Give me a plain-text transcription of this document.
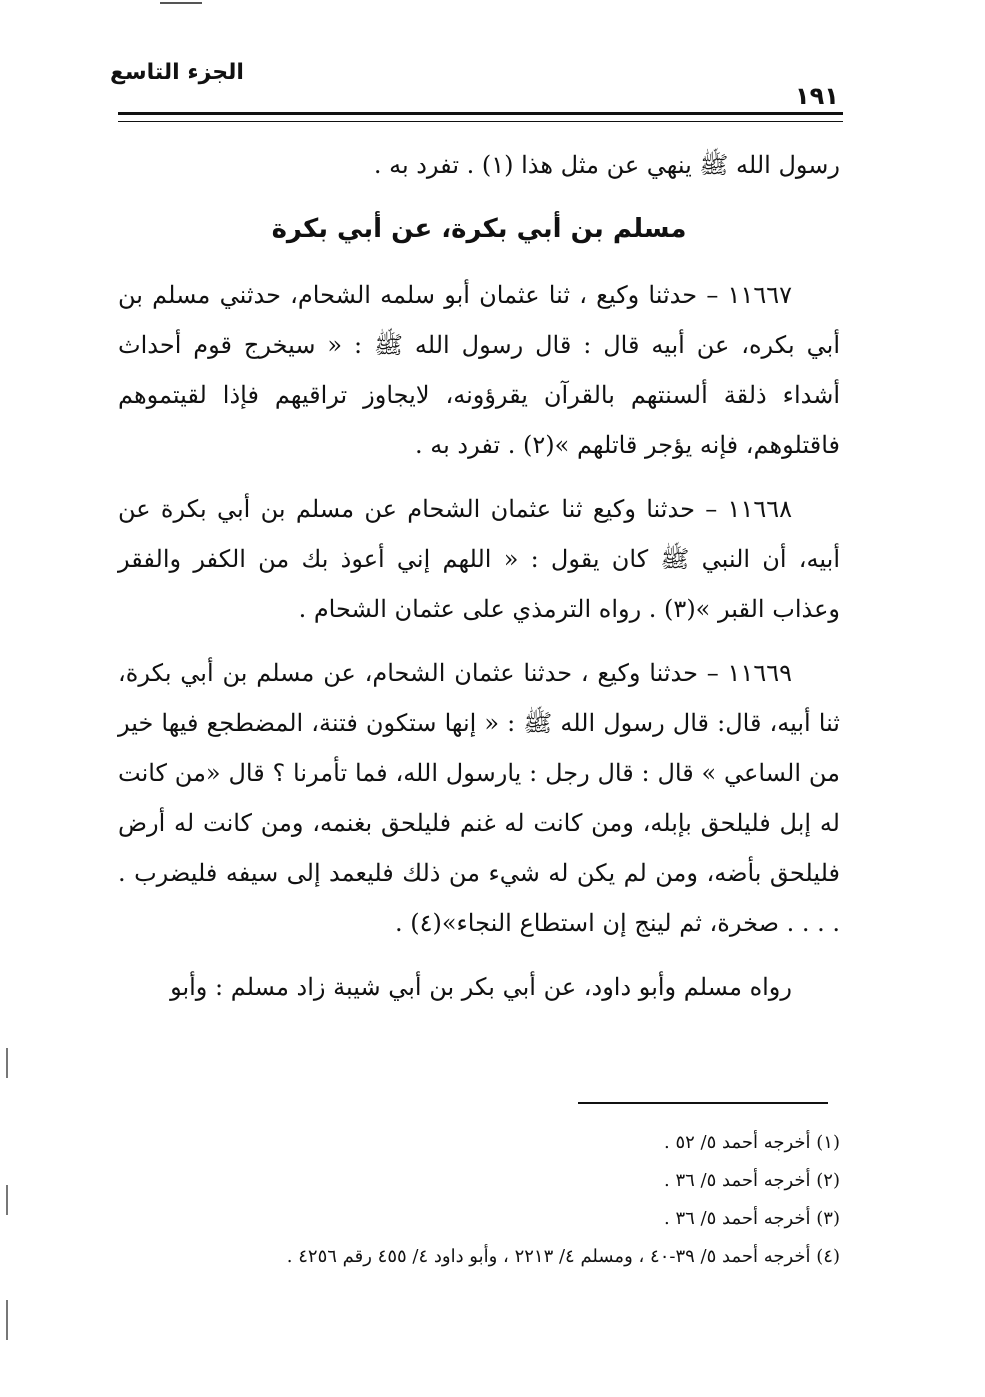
الجزء التاسع
١٩١

رسول الله ﷺ ينهي عن مثل هذا (١) . تفرد به .

مسلم بن أبي بكرة، عن أبي بكرة

١١٦٦٧ – حدثنا وكيع ، ثنا عثمان أبو سلمه الشحام، حدثني مسلم بن أبي بكره، عن أبيه قال : قال رسول الله ﷺ : « سيخرج قوم أحداث أشداء ذلقة ألسنتهم بالقرآن يقرؤونه، لايجاوز تراقيهم فإذا لقيتموهم فاقتلوهم، فإنه يؤجر قاتلهم »(٢) . تفرد به .

١١٦٦٨ – حدثنا وكيع ثنا عثمان الشحام عن مسلم بن أبي بكرة عن أبيه، أن النبي ﷺ كان يقول : « اللهم إني أعوذ بك من الكفر والفقر وعذاب القبر »(٣) . رواه الترمذي على عثمان الشحام .

١١٦٦٩ – حدثنا وكيع ، حدثنا عثمان الشحام، عن مسلم بن أبي بكرة، ثنا أبيه، قال: قال رسول الله ﷺ : « إنها ستكون فتنة، المضطجع فيها خير من الساعي » قال : قال رجل : يارسول الله، فما تأمرنا ؟ قال «من كانت له إبل فليلحق بإبله، ومن كانت له غنم فليلحق بغنمه، ومن كانت له أرض فليلحق بأضه، ومن لم يكن له شيء من ذلك فليعمد إلى سيفه فليضرب . . . . . صخرة، ثم لينج إن استطاع النجاء»(٤) .

رواه مسلم وأبو داود، عن أبي بكر بن أبي شيبة زاد مسلم : وأبو

(١) أخرجه أحمد ٥/ ٥٢ .
(٢) أخرجه أحمد ٥/ ٣٦ .
(٣) أخرجه أحمد ٥/ ٣٦ .
(٤) أخرجه أحمد ٥/ ٣٩-٤٠ ، ومسلم ٤/ ٢٢١٣ ، وأبو داود ٤/ ٤٥٥ رقم ٤٢٥٦ .
